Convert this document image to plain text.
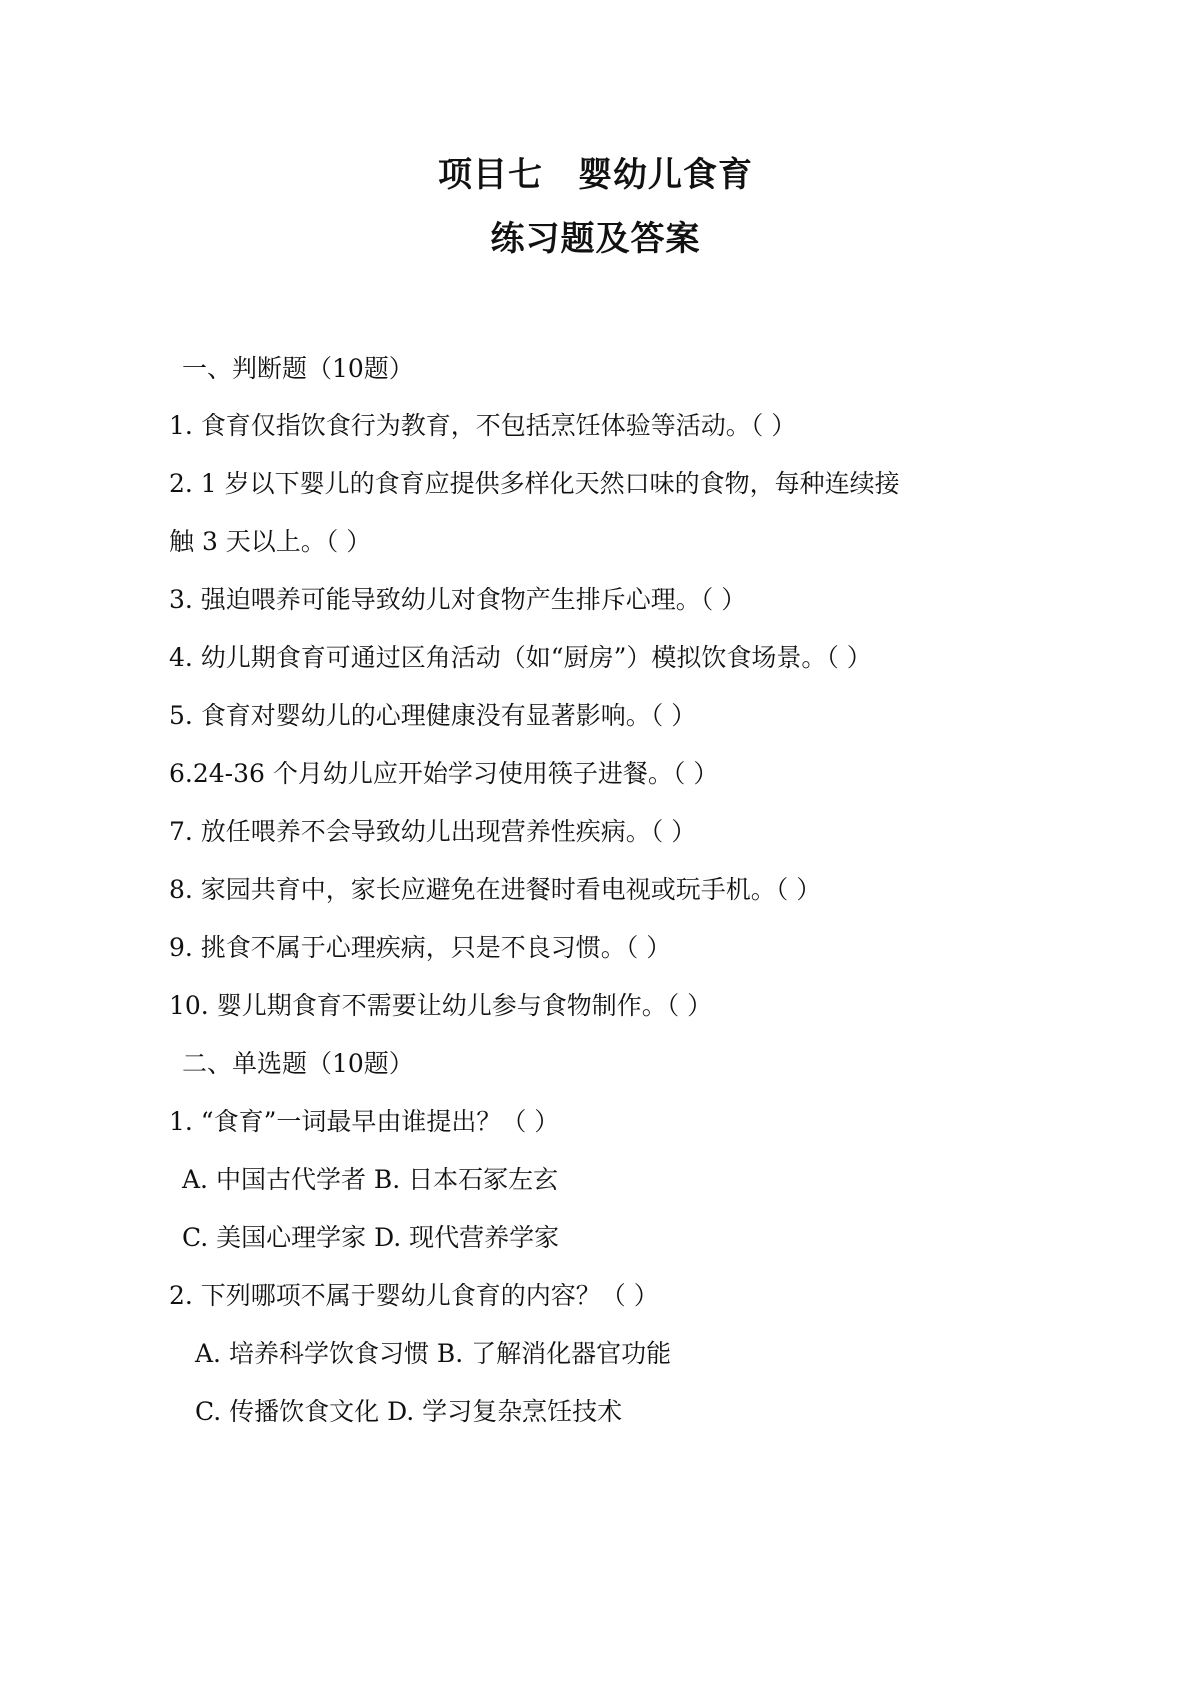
项目七　婴幼儿食育
练习题及答案
一、判断题（10题）
1. 食育仅指饮食行为教育，不包括烹饪体验等活动。（ ）
2. 1 岁以下婴儿的食育应提供多样化天然口味的食物，每种连续接
触 3 天以上。（ ）
3. 强迫喂养可能导致幼儿对食物产生排斥心理。（ ）
4. 幼儿期食育可通过区角活动（如“厨房”）模拟饮食场景。（ ）
5. 食育对婴幼儿的心理健康没有显著影响。（ ）
6.24-36 个月幼儿应开始学习使用筷子进餐。（ ）
7. 放任喂养不会导致幼儿出现营养性疾病。（ ）
8. 家园共育中，家长应避免在进餐时看电视或玩手机。（ ）
9. 挑食不属于心理疾病，只是不良习惯。（ ）
10. 婴儿期食育不需要让幼儿参与食物制作。（ ）
二、单选题（10题）
1. “食育”一词最早由谁提出？（ ）
A. 中国古代学者 B. 日本石冢左玄
C. 美国心理学家 D. 现代营养学家
2. 下列哪项不属于婴幼儿食育的内容？（ ）
A. 培养科学饮食习惯 B. 了解消化器官功能
C. 传播饮食文化 D. 学习复杂烹饪技术
